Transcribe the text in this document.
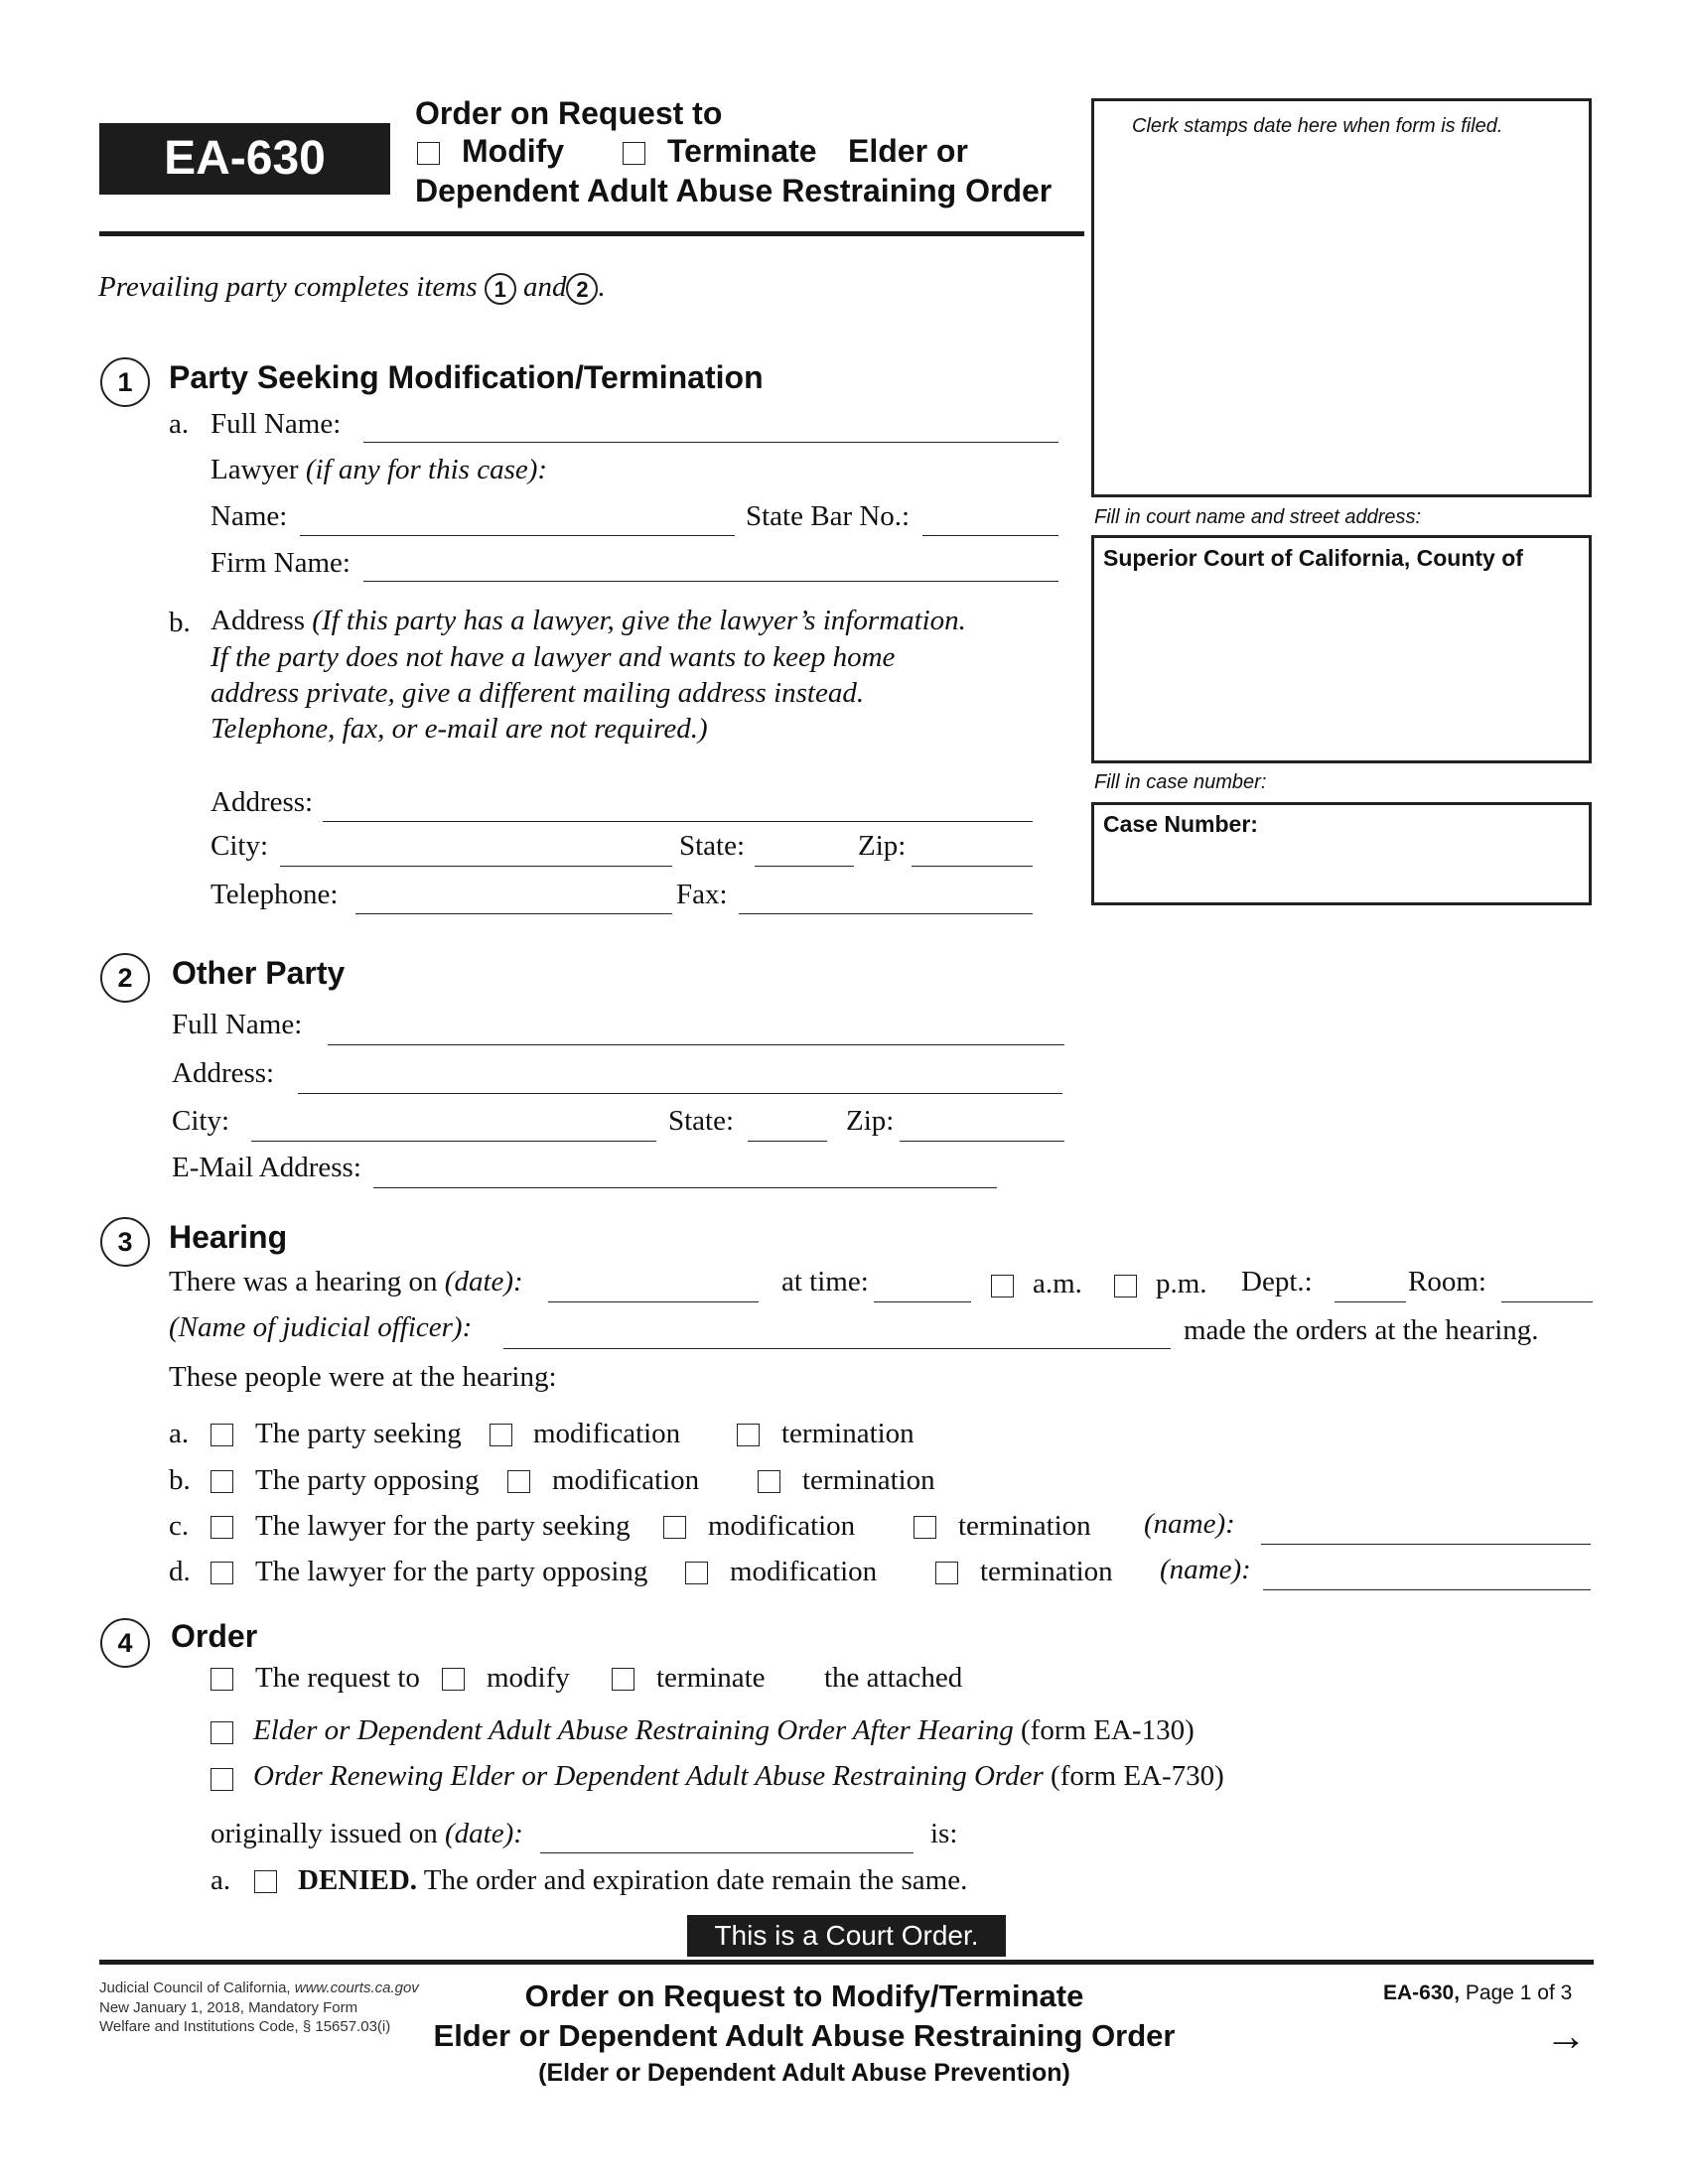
EA-630
Order on Request to
Modify	Terminate Elder or
Dependent Adult Abuse Restraining Order
Clerk stamps date here when form is filed.
Fill in court name and street address:
Superior Court of California, County of
Fill in case number:
Case Number:
Prevailing party completes items 1 and 2 .
1	Party Seeking Modification/Termination
a. Full Name:
Lawyer (if any for this case):
Name:	State Bar No.:
Firm Name:
b. Address (If this party has a lawyer, give the lawyer’s information.
If the party does not have a lawyer and wants to keep home
address private, give a different mailing address instead.
Telephone, fax, or e-mail are not required.)
Address:
City:	State:	Zip:
Telephone:	Fax:
2	Other Party
Full Name:
Address:
City:	State:	Zip:
E-Mail Address:
3	Hearing
There was a hearing on (date):	at time:	a.m.	p.m. Dept.:	Room:
(Name of judicial officer):	made the orders at the hearing.
These people were at the hearing:
a. The party seeking modification	termination
b. The party opposing	modification	termination
c. The lawyer for the party seeking	modification	termination (name):
d. The lawyer for the party opposing	modification	termination (name):
4	Order
The request to modify	terminate the attached
Elder or Dependent Adult Abuse Restraining Order After Hearing (form EA-130)
Order Renewing Elder or Dependent Adult Abuse Restraining Order (form EA-730)
originally issued on (date):	is:
a. DENIED. The order and expiration date remain the same.
This is a Court Order.
Judicial Council of California, www.courts.ca.gov
New January 1, 2018, Mandatory Form
Welfare and Institutions Code, § 15657.03(i)
Order on Request to Modify/Terminate
Elder or Dependent Adult Abuse Restraining Order
(Elder or Dependent Adult Abuse Prevention)
EA-630, Page 1 of 3
→
